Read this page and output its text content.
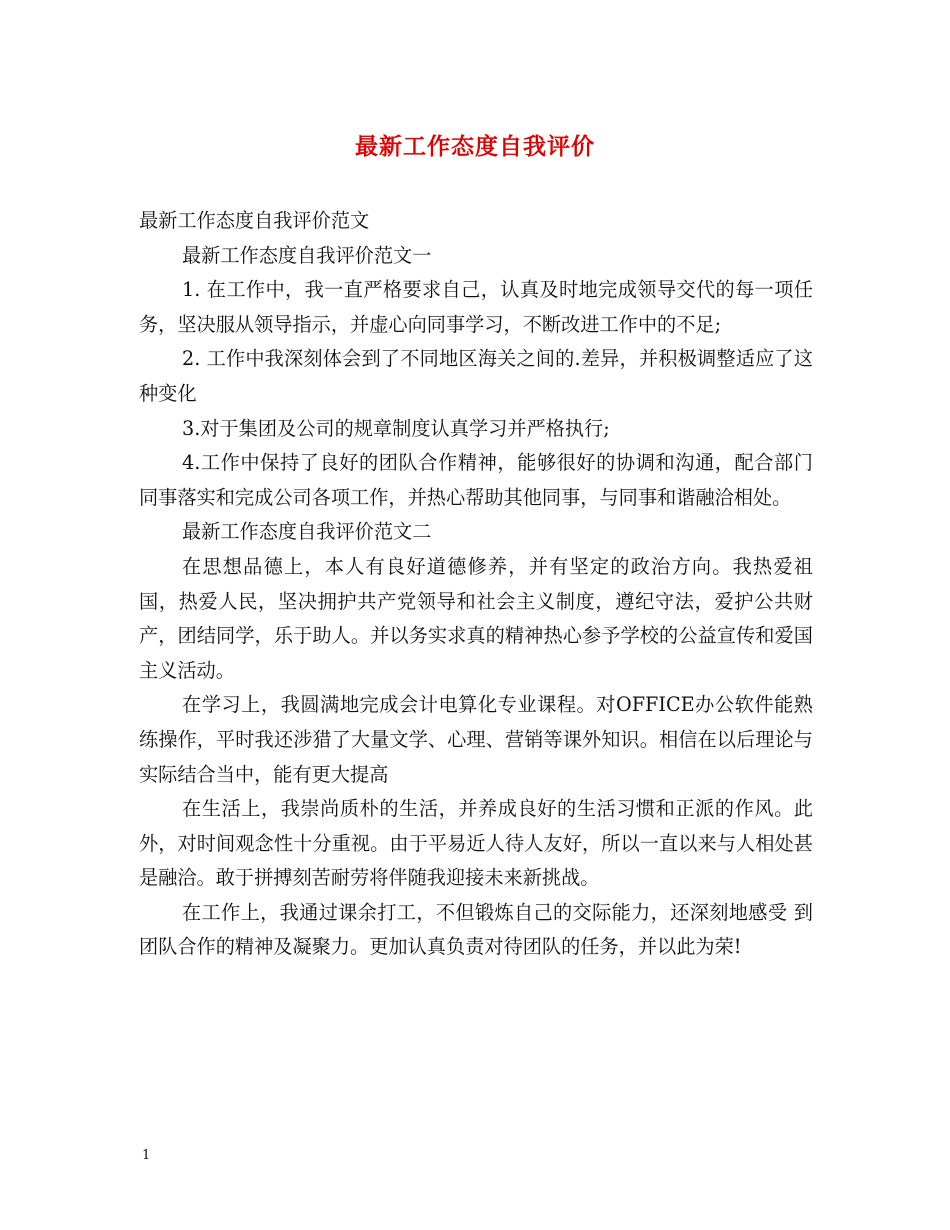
最新工作态度自我评价

最新工作态度自我评价范文

最新工作态度自我评价范文一

1. 在工作中，我一直严格要求自己，认真及时地完成领导交代的每一项任务，坚决服从领导指示，并虚心向同事学习，不断改进工作中的不足;

2. 工作中我深刻体会到了不同地区海关之间的.差异，并积极调整适应了这种变化

3.对于集团及公司的规章制度认真学习并严格执行;

4.工作中保持了良好的团队合作精神，能够很好的协调和沟通，配合部门同事落实和完成公司各项工作，并热心帮助其他同事，与同事和谐融洽相处。

最新工作态度自我评价范文二

在思想品德上，本人有良好道德修养，并有坚定的政治方向。我热爱祖国，热爱人民，坚决拥护共产党领导和社会主义制度，遵纪守法，爱护公共财产，团结同学，乐于助人。并以务实求真的精神热心参予学校的公益宣传和爱国主义活动。

在学习上，我圆满地完成会计电算化专业课程。对OFFICE办公软件能熟练操作，平时我还涉猎了大量文学、心理、营销等课外知识。相信在以后理论与实际结合当中，能有更大提高

在生活上，我崇尚质朴的生活，并养成良好的生活习惯和正派的作风。此外，对时间观念性十分重视。由于平易近人待人友好，所以一直以来与人相处甚是融洽。敢于拼搏刻苦耐劳将伴随我迎接未来新挑战。

在工作上，我通过课余打工，不但锻炼自己的交际能力，还深刻地感受 到团队合作的精神及凝聚力。更加认真负责对待团队的任务，并以此为荣!

1
